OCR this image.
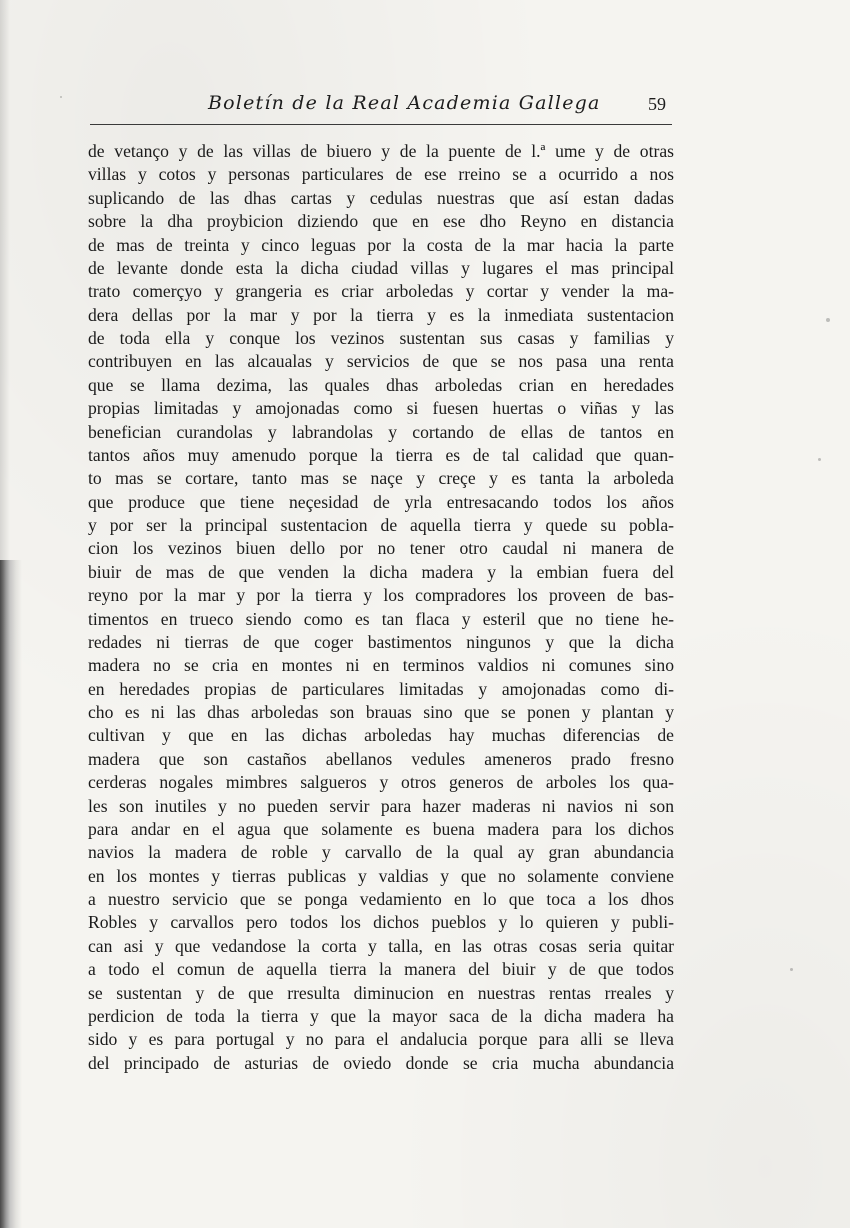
Boletín de la Real Academia Gallega	59
de vetanço y de las villas de biuero y de la puente de l.ª ume y de otras
villas y cotos y personas particulares de ese rreino se a ocurrido a nos
suplicando de las dhas cartas y cedulas nuestras que así estan dadas
sobre la dha proybicion diziendo que en ese dho Reyno en distancia
de mas de treinta y cinco leguas por la costa de la mar hacia la parte
de levante donde esta la dicha ciudad villas y lugares el mas principal
trato comerçyo y grangeria es criar arboledas y cortar y vender la ma-
dera dellas por la mar y por la tierra y es la inmediata sustentacion
de toda ella y conque los vezinos sustentan sus casas y familias y
contribuyen en las alcaualas y servicios de que se nos pasa una renta
que se llama dezima, las quales dhas arboledas crian en heredades
propias limitadas y amojonadas como si fuesen huertas o viñas y las
benefician curandolas y labrandolas y cortando de ellas de tantos en
tantos años muy amenudo porque la tierra es de tal calidad que quan-
to mas se cortare, tanto mas se naçe y creçe y es tanta la arboleda
que produce que tiene neçesidad de yrla entresacando todos los años
y por ser la principal sustentacion de aquella tierra y quede su pobla-
cion los vezinos biuen dello por no tener otro caudal ni manera de
biuir de mas de que venden la dicha madera y la embian fuera del
reyno por la mar y por la tierra y los compradores los proveen de bas-
timentos en trueco siendo como es tan flaca y esteril que no tiene he-
redades ni tierras de que coger bastimentos ningunos y que la dicha
madera no se cria en montes ni en terminos valdios ni comunes sino
en heredades propias de particulares limitadas y amojonadas como di-
cho es ni las dhas arboledas son brauas sino que se ponen y plantan y
cultivan y que en las dichas arboledas hay muchas diferencias de
madera que son castaños abellanos vedules ameneros prado fresno
cerderas nogales mimbres salgueros y otros generos de arboles los qua-
les son inutiles y no pueden servir para hazer maderas ni navios ni son
para andar en el agua que solamente es buena madera para los dichos
navios la madera de roble y carvallo de la qual ay gran abundancia
en los montes y tierras publicas y valdias y que no solamente conviene
a nuestro servicio que se ponga vedamiento en lo que toca a los dhos
Robles y carvallos pero todos los dichos pueblos y lo quieren y publi-
can asi y que vedandose la corta y talla, en las otras cosas seria quitar
a todo el comun de aquella tierra la manera del biuir y de que todos
se sustentan y de que rresulta diminucion en nuestras rentas rreales y
perdicion de toda la tierra y que la mayor saca de la dicha madera ha
sido y es para portugal y no para el andalucia porque para alli se lleva
del principado de asturias de oviedo donde se cria mucha abundancia
